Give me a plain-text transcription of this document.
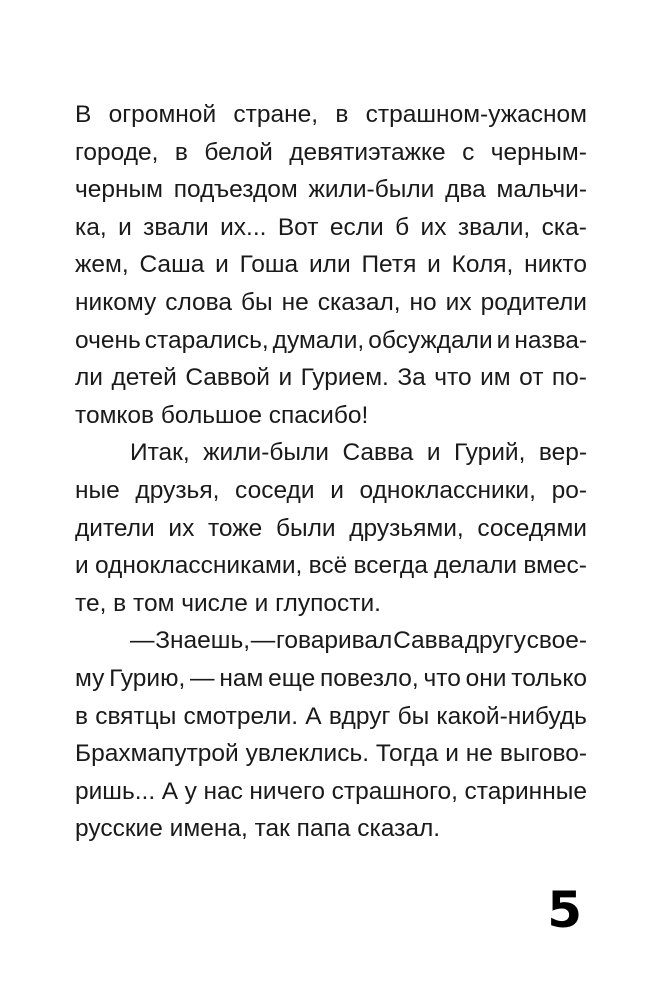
В огромной стране, в страшном-ужасном
городе, в белой девятиэтажке с черным-
черным подъездом жили-были два мальчи-
ка, и звали их... Вот если б их звали, ска-
жем, Саша и Гоша или Петя и Коля, никто
никому слова бы не сказал, но их родители
очень старались, думали, обсуждали и назва-
ли детей Саввой и Гурием. За что им от по-
томков большое спасибо!
Итак, жили-были Савва и Гурий, вер-
ные друзья, соседи и одноклассники, ро-
дители их тоже были друзьями, соседями
и одноклассниками, всё всегда делали вмес-
те, в том числе и глупости.
— Знаешь, — говаривал Савва другу свое-
му Гурию, — нам еще повезло, что они только
в святцы смотрели. А вдруг бы какой-нибудь
Брахмапутрой увлеклись. Тогда и не выгово-
ришь... А у нас ничего страшного, старинные
русские имена, так папа сказал.
5
